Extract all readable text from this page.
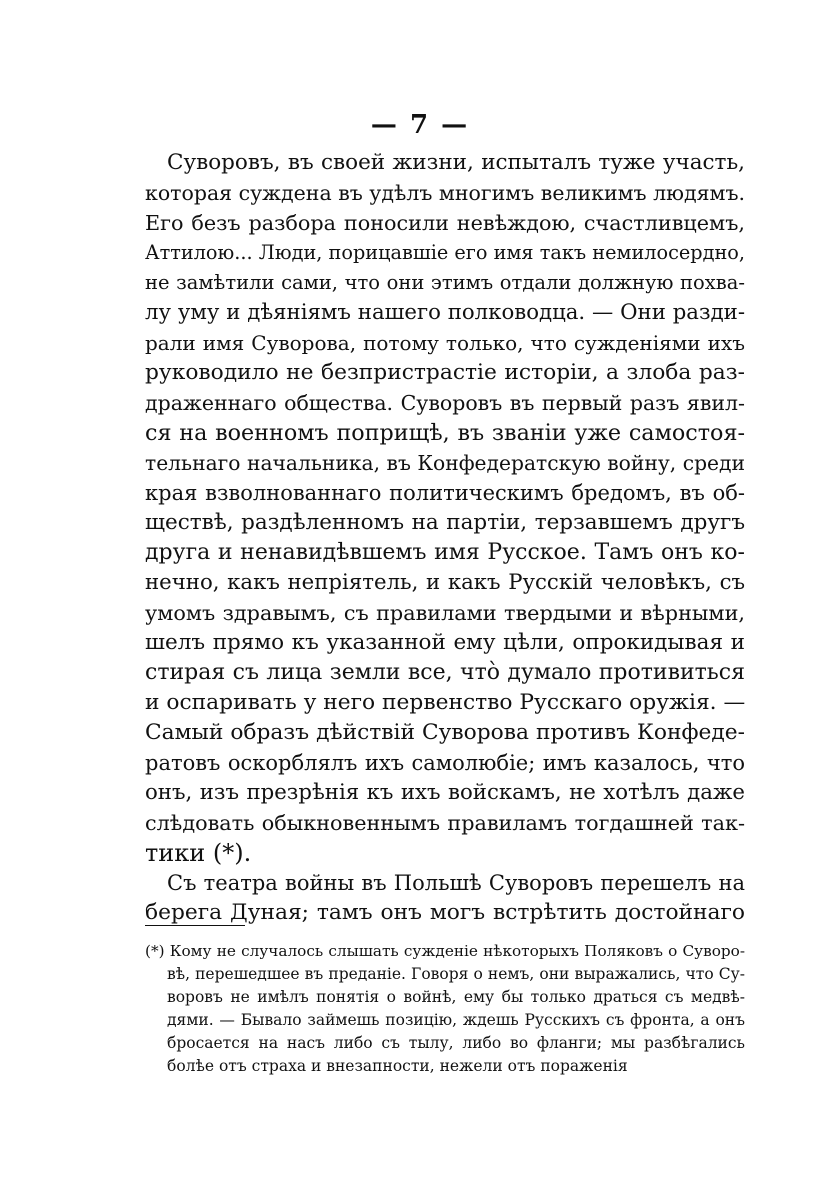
— 7 —
Суворовъ, въ своей жизни, испыталъ туже участь,
которая суждена въ удѣлъ многимъ великимъ людямъ.
Его безъ разбора поносили невѣждою, счастливцемъ,
Аттилою... Люди, порицавшіе его имя такъ немилосердно,
не замѣтили сами, что они этимъ отдали должную похва-
лу уму и дѣяніямъ нашего полководца. — Они разди-
рали имя Суворова, потому только, что сужденіями ихъ
руководило не безпристрастіе исторіи, а злоба раз-
драженнаго общества. Суворовъ въ первый разъ явил-
ся на военномъ поприщѣ, въ званіи уже самостоя-
тельнаго начальника, въ Конфедератскую войну, среди
края взволнованнаго политическимъ бредомъ, въ об-
ществѣ, раздѣленномъ на партіи, терзавшемъ другъ
друга и ненавидѣвшемъ имя Русское. Тамъ онъ ко-
нечно, какъ непріятель, и какъ Русскій человѣкъ, съ
умомъ здравымъ, съ правилами твердыми и вѣрными,
шелъ прямо къ указанной ему цѣли, опрокидывая и
стирая съ лица земли все, что̀ думало противиться
и оспаривать у него первенство Русскаго оружія. —
Самый образъ дѣйствій Суворова противъ Конфеде-
ратовъ оскорблялъ ихъ самолюбіе; имъ казалось, что
онъ, изъ презрѣнія къ ихъ войскамъ, не хотѣлъ даже
слѣдовать обыкновеннымъ правиламъ тогдашней так-
тики (*).
Съ театра войны въ Польшѣ Суворовъ перешелъ на
берега Дуная; тамъ онъ могъ встрѣтить достойнаго
(*) Кому не случалось слышать сужденіе нѣкоторыхъ Поляковъ о Суворо-
вѣ, перешедшее въ преданіе. Говоря о немъ, они выражались, что Су-
воровъ не имѣлъ понятія о войнѣ, ему бы только драться съ медвѣ-
дями. — Бывало займешь позицію, ждешь Русскихъ съ фронта, а онъ
бросается на насъ либо съ тылу, либо во фланги; мы разбѣгались
болѣе отъ страха и внезапности, нежели отъ пораженія
